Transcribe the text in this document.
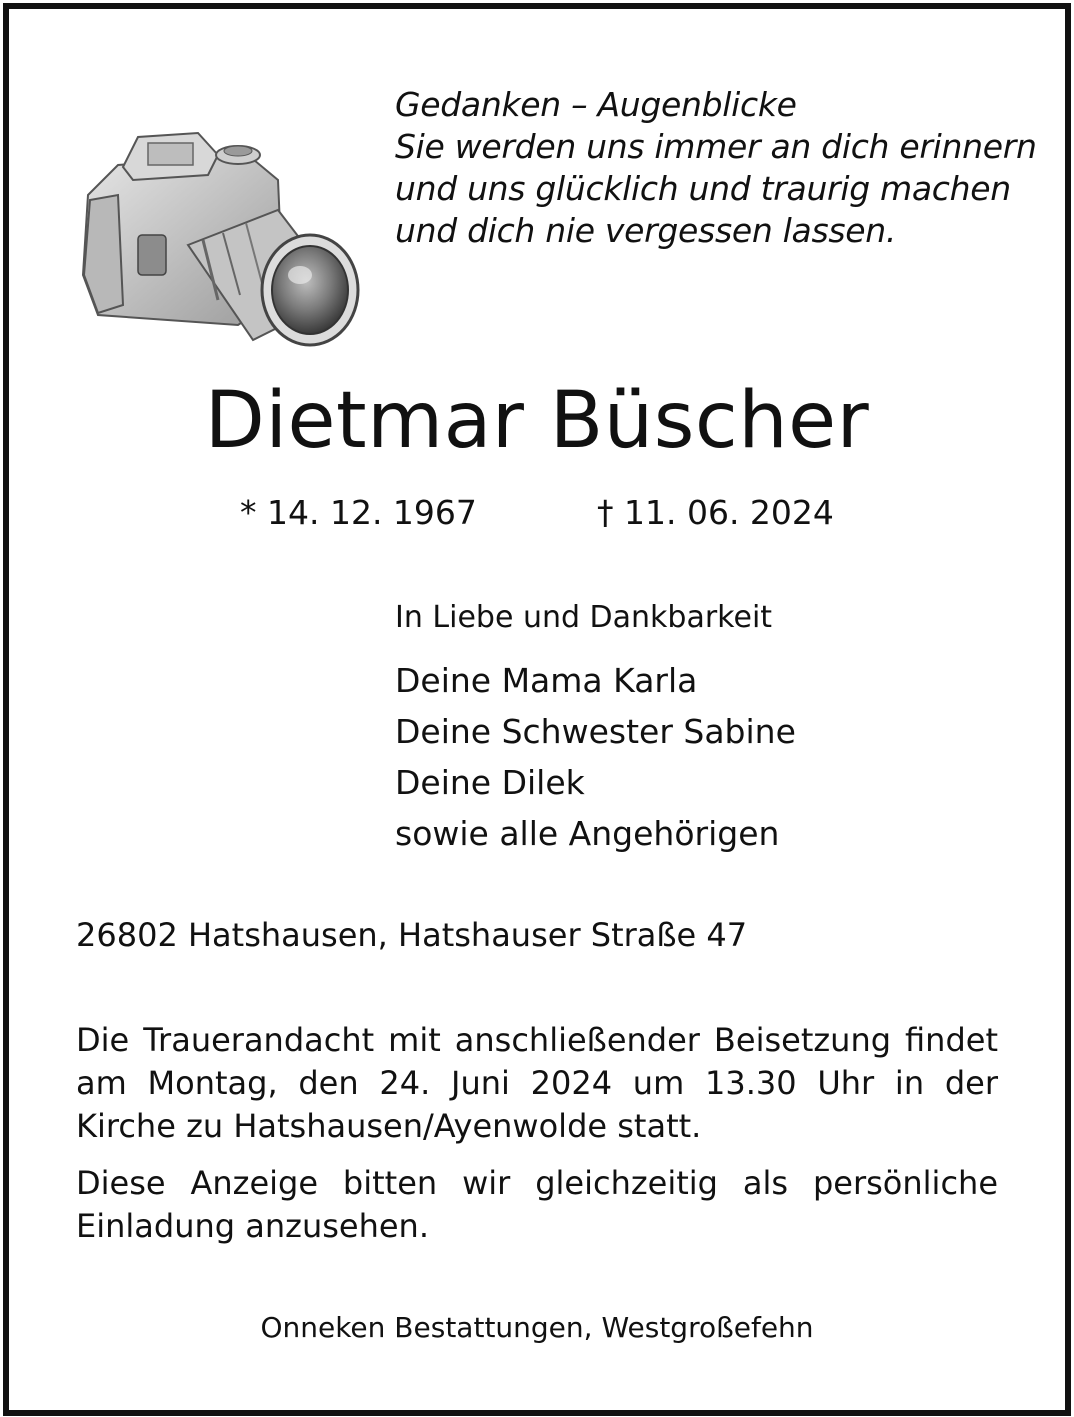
Gedanken – Augenblicke
Sie werden uns immer an dich erinnern
und uns glücklich und traurig machen
und dich nie vergessen lassen.
Dietmar Büscher
* 14. 12. 1967	† 11. 06. 2024
In Liebe und Dankbarkeit
Deine Mama Karla
Deine Schwester Sabine
Deine Dilek
sowie alle Angehörigen
26802 Hatshausen, Hatshauser Straße 47
Die Trauerandacht mit anschließender Beisetzung findet am Montag, den 24. Juni 2024 um 13.30 Uhr in der Kirche zu Hatshausen/Ayenwolde statt.
Diese Anzeige bitten wir gleichzeitig als persönliche Einladung anzusehen.
Onneken Bestattungen, Westgroßefehn
